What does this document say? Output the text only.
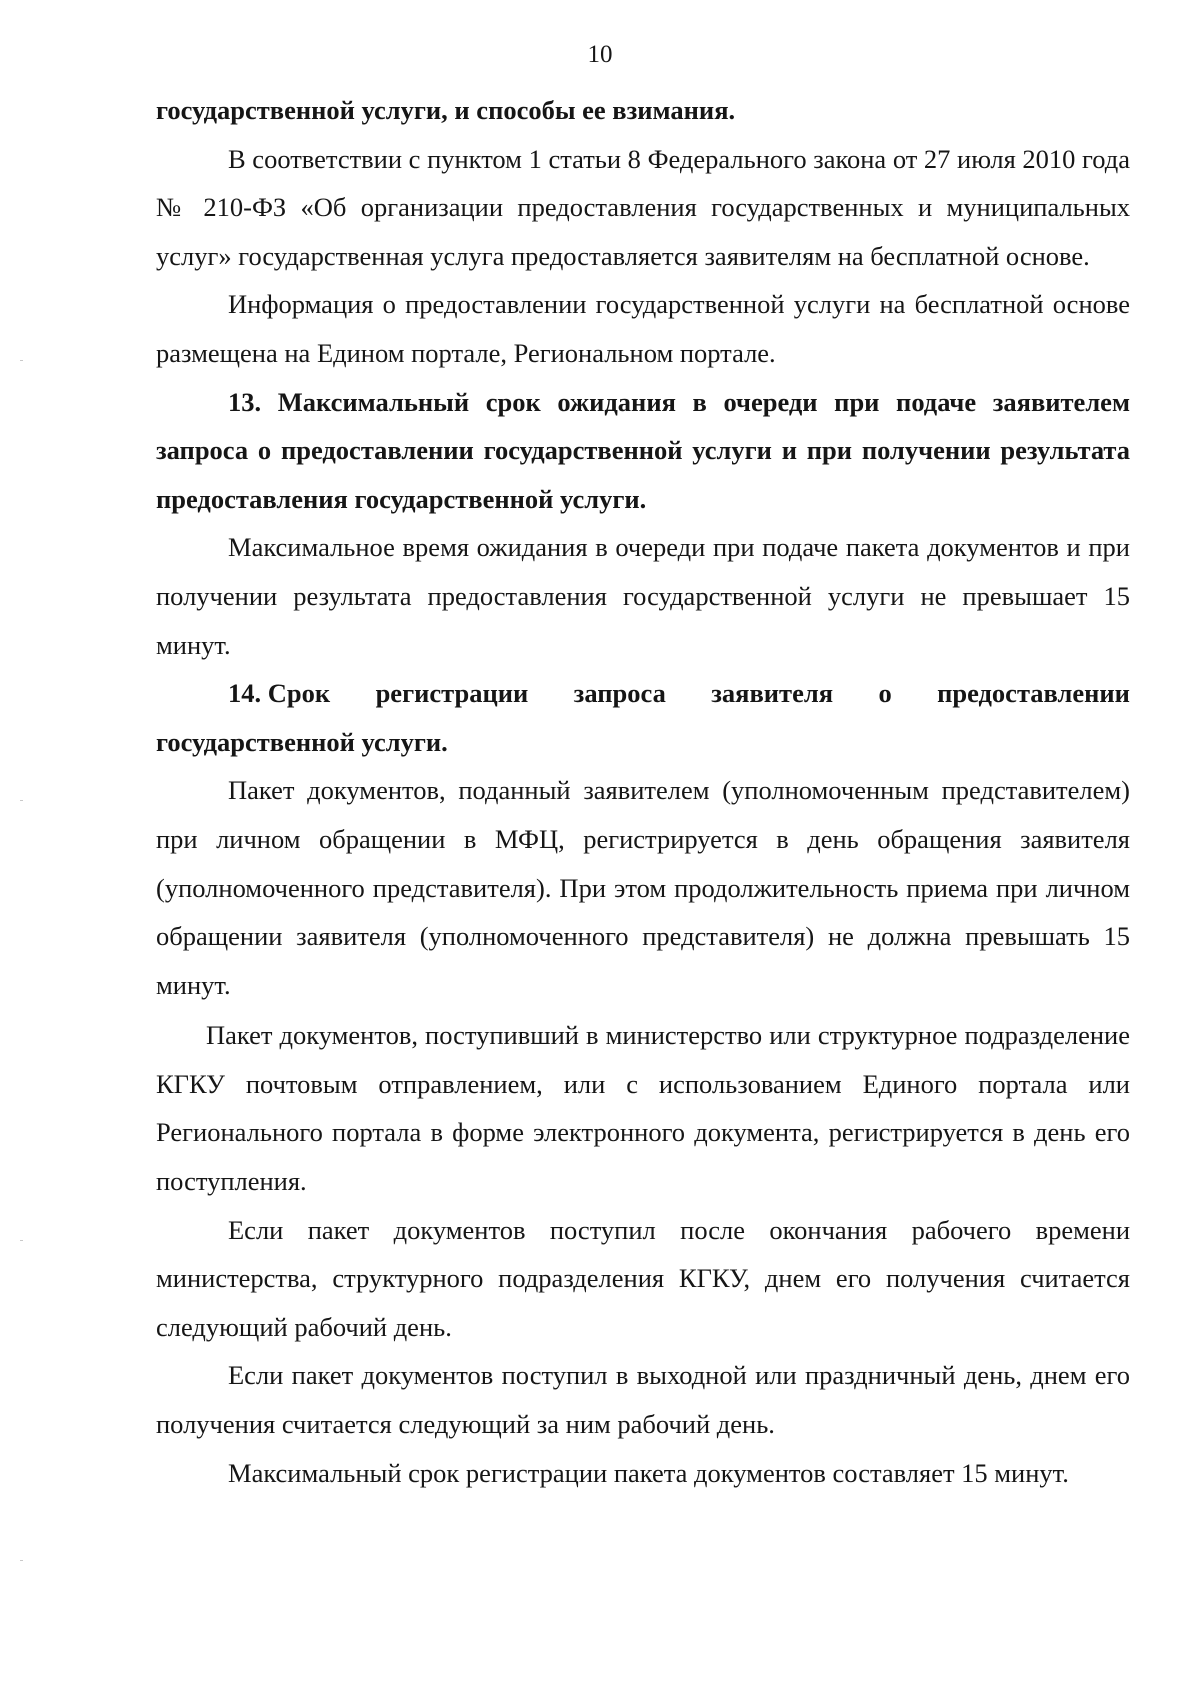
10

государственной услуги, и способы ее взимания.

В соответствии с пунктом 1 статьи 8 Федерального закона от 27 июля 2010 года № 210-ФЗ «Об организации предоставления государственных и муниципальных услуг» государственная услуга предоставляется заявителям на бесплатной основе.

Информация о предоставлении государственной услуги на бесплатной основе размещена на Едином портале, Региональном портале.

13. Максимальный срок ожидания в очереди при подаче заявителем запроса о предоставлении государственной услуги и при получении результата предоставления государственной услуги.

Максимальное время ожидания в очереди при подаче пакета документов и при получении результата предоставления государственной услуги не превышает 15 минут.

14. Срок регистрации запроса заявителя о предоставлении

государственной услуги.

Пакет документов, поданный заявителем (уполномоченным представителем) при личном обращении в МФЦ, регистрируется в день обращения заявителя (уполномоченного представителя). При этом продолжительность приема при личном обращении заявителя (уполномоченного представителя) не должна превышать 15 минут.

Пакет документов, поступивший в министерство или структурное подразделение КГКУ почтовым отправлением, или с использованием Единого портала или Регионального портала в форме электронного документа, регистрируется в день его поступления.

Если пакет документов поступил после окончания рабочего времени министерства, структурного подразделения КГКУ, днем его получения считается следующий рабочий день.

Если пакет документов поступил в выходной или праздничный день, днем его получения считается следующий за ним рабочий день.

Максимальный срок регистрации пакета документов составляет 15 минут.
